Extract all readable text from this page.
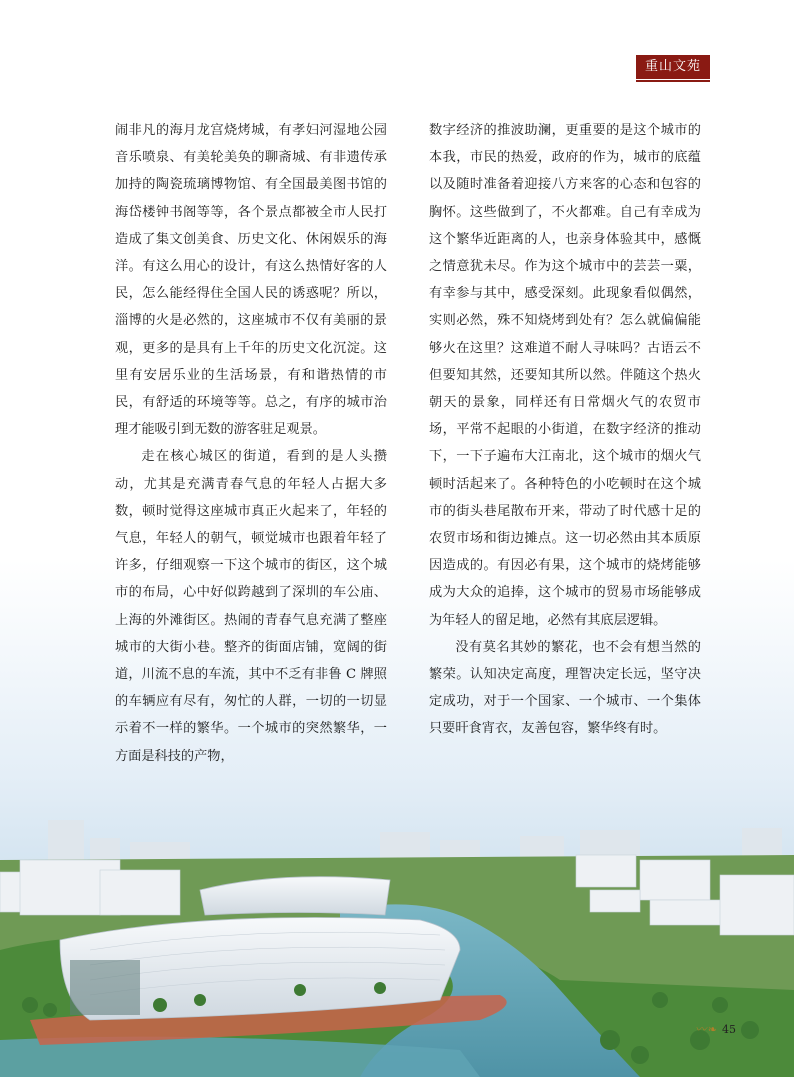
重山文苑

闹非凡的海月龙宫烧烤城，有孝妇河湿地公园音乐喷泉、有美轮美奂的聊斋城、有非遗传承加持的陶瓷琉璃博物馆、有全国最美图书馆的海岱楼钟书阁等等，各个景点都被全市人民打造成了集文创美食、历史文化、休闲娱乐的海洋。有这么用心的设计，有这么热情好客的人民，怎么能经得住全国人民的诱惑呢？所以，淄博的火是必然的，这座城市不仅有美丽的景观，更多的是具有上千年的历史文化沉淀。这里有安居乐业的生活场景，有和谐热情的市民，有舒适的环境等等。总之，有序的城市治理才能吸引到无数的游客驻足观景。

走在核心城区的街道，看到的是人头攒动，尤其是充满青春气息的年轻人占据大多数，顿时觉得这座城市真正火起来了，年轻的气息，年轻人的朝气，顿觉城市也跟着年轻了许多，仔细观察一下这个城市的街区，这个城市的布局，心中好似跨越到了深圳的车公庙、上海的外滩街区。热闹的青春气息充满了整座城市的大街小巷。整齐的街面店铺，宽阔的街道，川流不息的车流，其中不乏有非鲁 C 牌照的车辆应有尽有，匆忙的人群，一切的一切显示着不一样的繁华。一个城市的突然繁华，一方面是科技的产物，

数字经济的推波助澜，更重要的是这个城市的本我，市民的热爱，政府的作为，城市的底蕴以及随时准备着迎接八方来客的心态和包容的胸怀。这些做到了，不火都难。自己有幸成为这个繁华近距离的人，也亲身体验其中，感慨之情意犹未尽。作为这个城市中的芸芸一粟，有幸参与其中，感受深刻。此现象看似偶然，实则必然，殊不知烧烤到处有？怎么就偏偏能够火在这里？这难道不耐人寻味吗？古语云不但要知其然，还要知其所以然。伴随这个热火朝天的景象，同样还有日常烟火气的农贸市场，平常不起眼的小街道，在数字经济的推动下，一下子遍布大江南北，这个城市的烟火气顿时活起来了。各种特色的小吃顿时在这个城市的街头巷尾散布开来，带动了时代感十足的农贸市场和街边摊点。这一切必然由其本质原因造成的。有因必有果，这个城市的烧烤能够成为大众的追捧，这个城市的贸易市场能够成为年轻人的留足地，必然有其底层逻辑。

没有莫名其妙的繁花，也不会有想当然的繁荣。认知决定高度，理智决定长远，坚守决定成功，对于一个国家、一个城市、一个集体只要旰食宵衣，友善包容，繁华终有时。

〰 ❧ 45
